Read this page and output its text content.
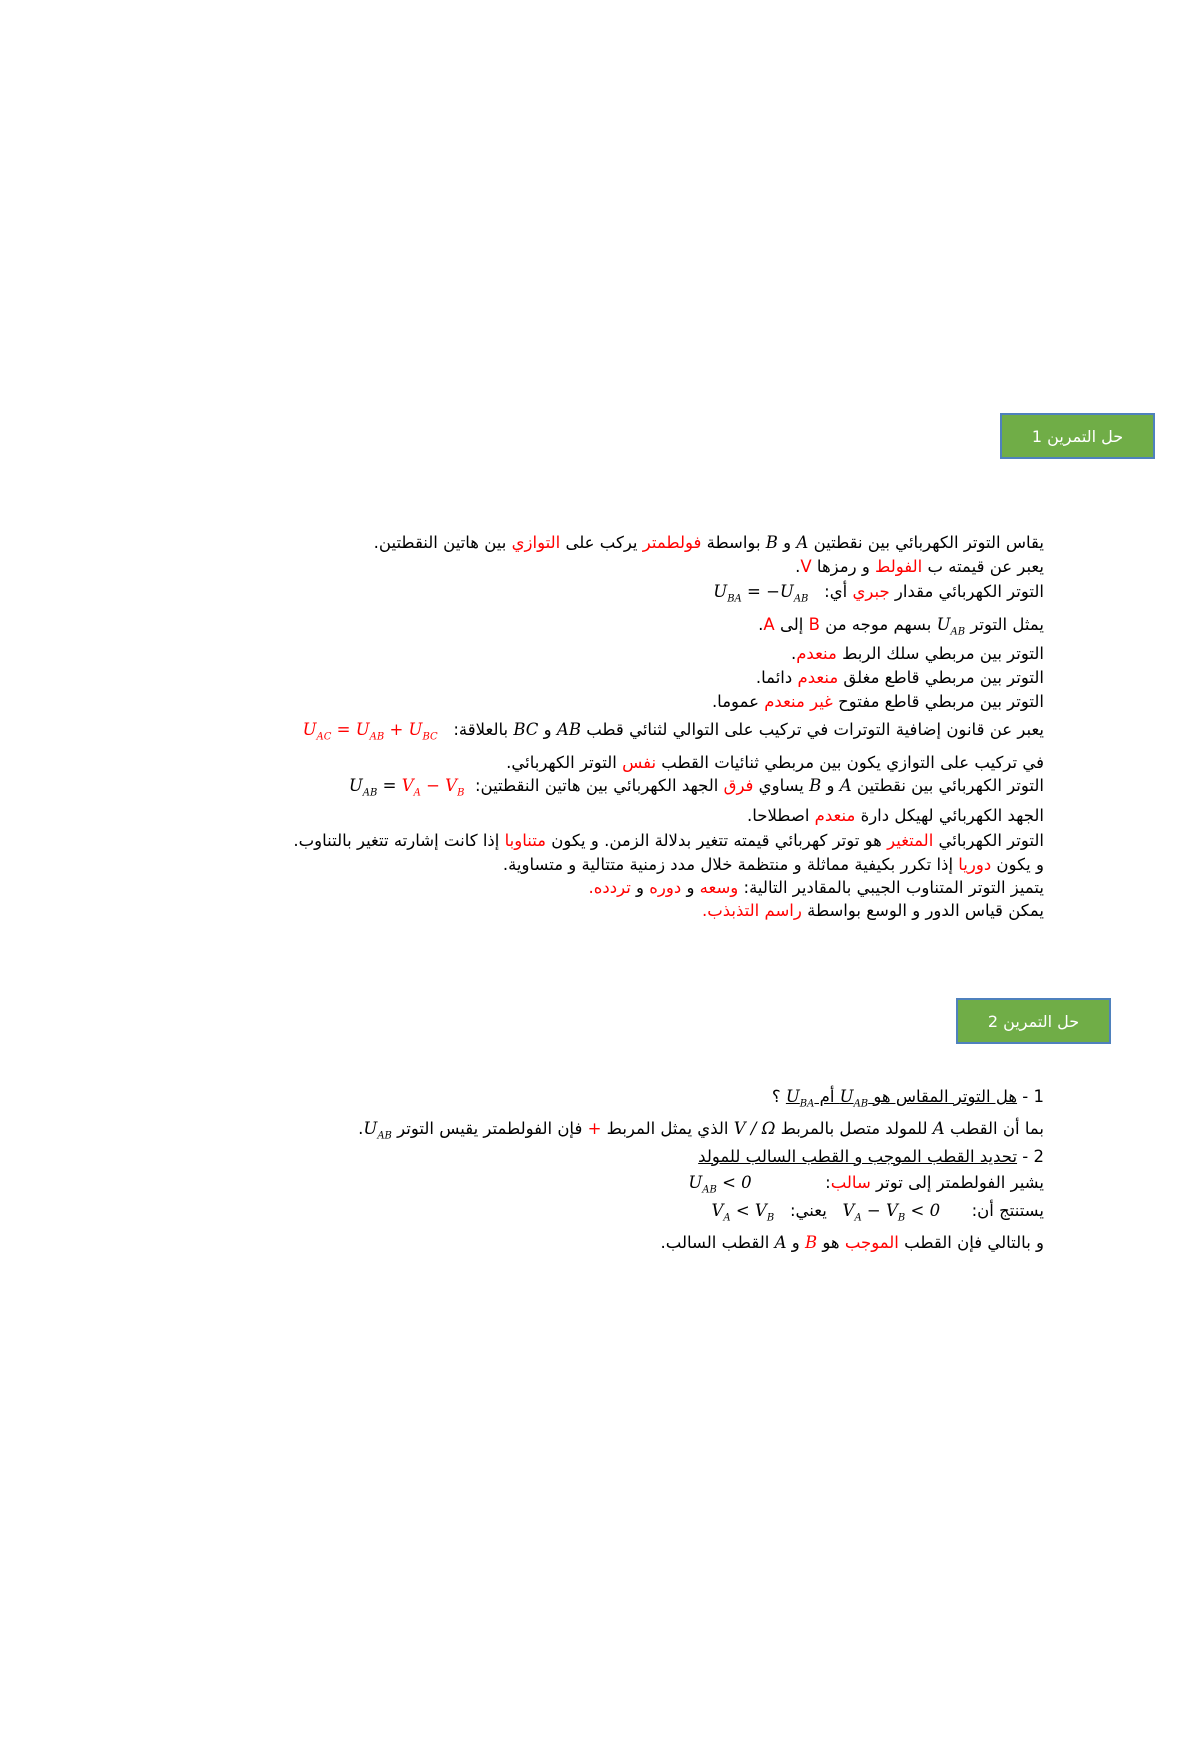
حل التمرين 1
يقاس التوتر الكهربائي بين نقطتين A و B بواسطة فولطمتر يركب على التوازي بين هاتين النقطتين.
يعبر عن قيمته ب الفولط و رمزها V.
التوتر الكهربائي مقدار جبري أي:   $U_{BA} = -U_{AB}$
يمثل التوتر $U_{AB}$ بسهم موجه من B إلى A.
التوتر بين مربطي سلك الربط منعدم.
التوتر بين مربطي قاطع مغلق منعدم دائما.
التوتر بين مربطي قاطع مفتوح غير منعدم عموما.
يعبر عن قانون إضافية التوترات في تركيب على التوالي لثنائي قطب AB و BC بالعلاقة:   $U_{AC} = U_{AB} + U_{BC}$
في تركيب على التوازي يكون بين مربطي ثنائيات القطب نفس التوتر الكهربائي.
التوتر الكهربائي بين نقطتين A و B يساوي فرق الجهد الكهربائي بين هاتين النقطتين:  $U_{AB} = V_A - V_B$
الجهد الكهربائي لهيكل دارة منعدم اصطلاحا.
التوتر الكهربائي المتغير هو توتر كهربائي قيمته تتغير بدلالة الزمن. و يكون متناوبا إذا كانت إشارته تتغير بالتناوب.
و يكون دوريا إذا تكرر بكيفية مماثلة و منتظمة خلال مدد زمنية متتالية و متساوية.
يتميز التوتر المتناوب الجيبي بالمقادير التالية: وسعه و دوره و تردده.
يمكن قياس الدور و الوسع بواسطة راسم التذبذب.
حل التمرين 2
1 - هل التوتر المقاس هو $U_{AB}$ أم $U_{BA}$ ؟
بما أن القطب A للمولد متصل بالمربط V / Ω الذي يمثل المربط + فإن الفولطمتر يقيس التوتر $U_{AB}$.
2 - تحديد القطب الموجب و القطب السالب للمولد
يشير الفولطمتر إلى توتر سالب:              $U_{AB} < 0$
يستنتج أن:      $V_A - V_B < 0$   يعني:   $V_A < V_B$
و بالتالي فإن القطب الموجب هو B و A القطب السالب.
